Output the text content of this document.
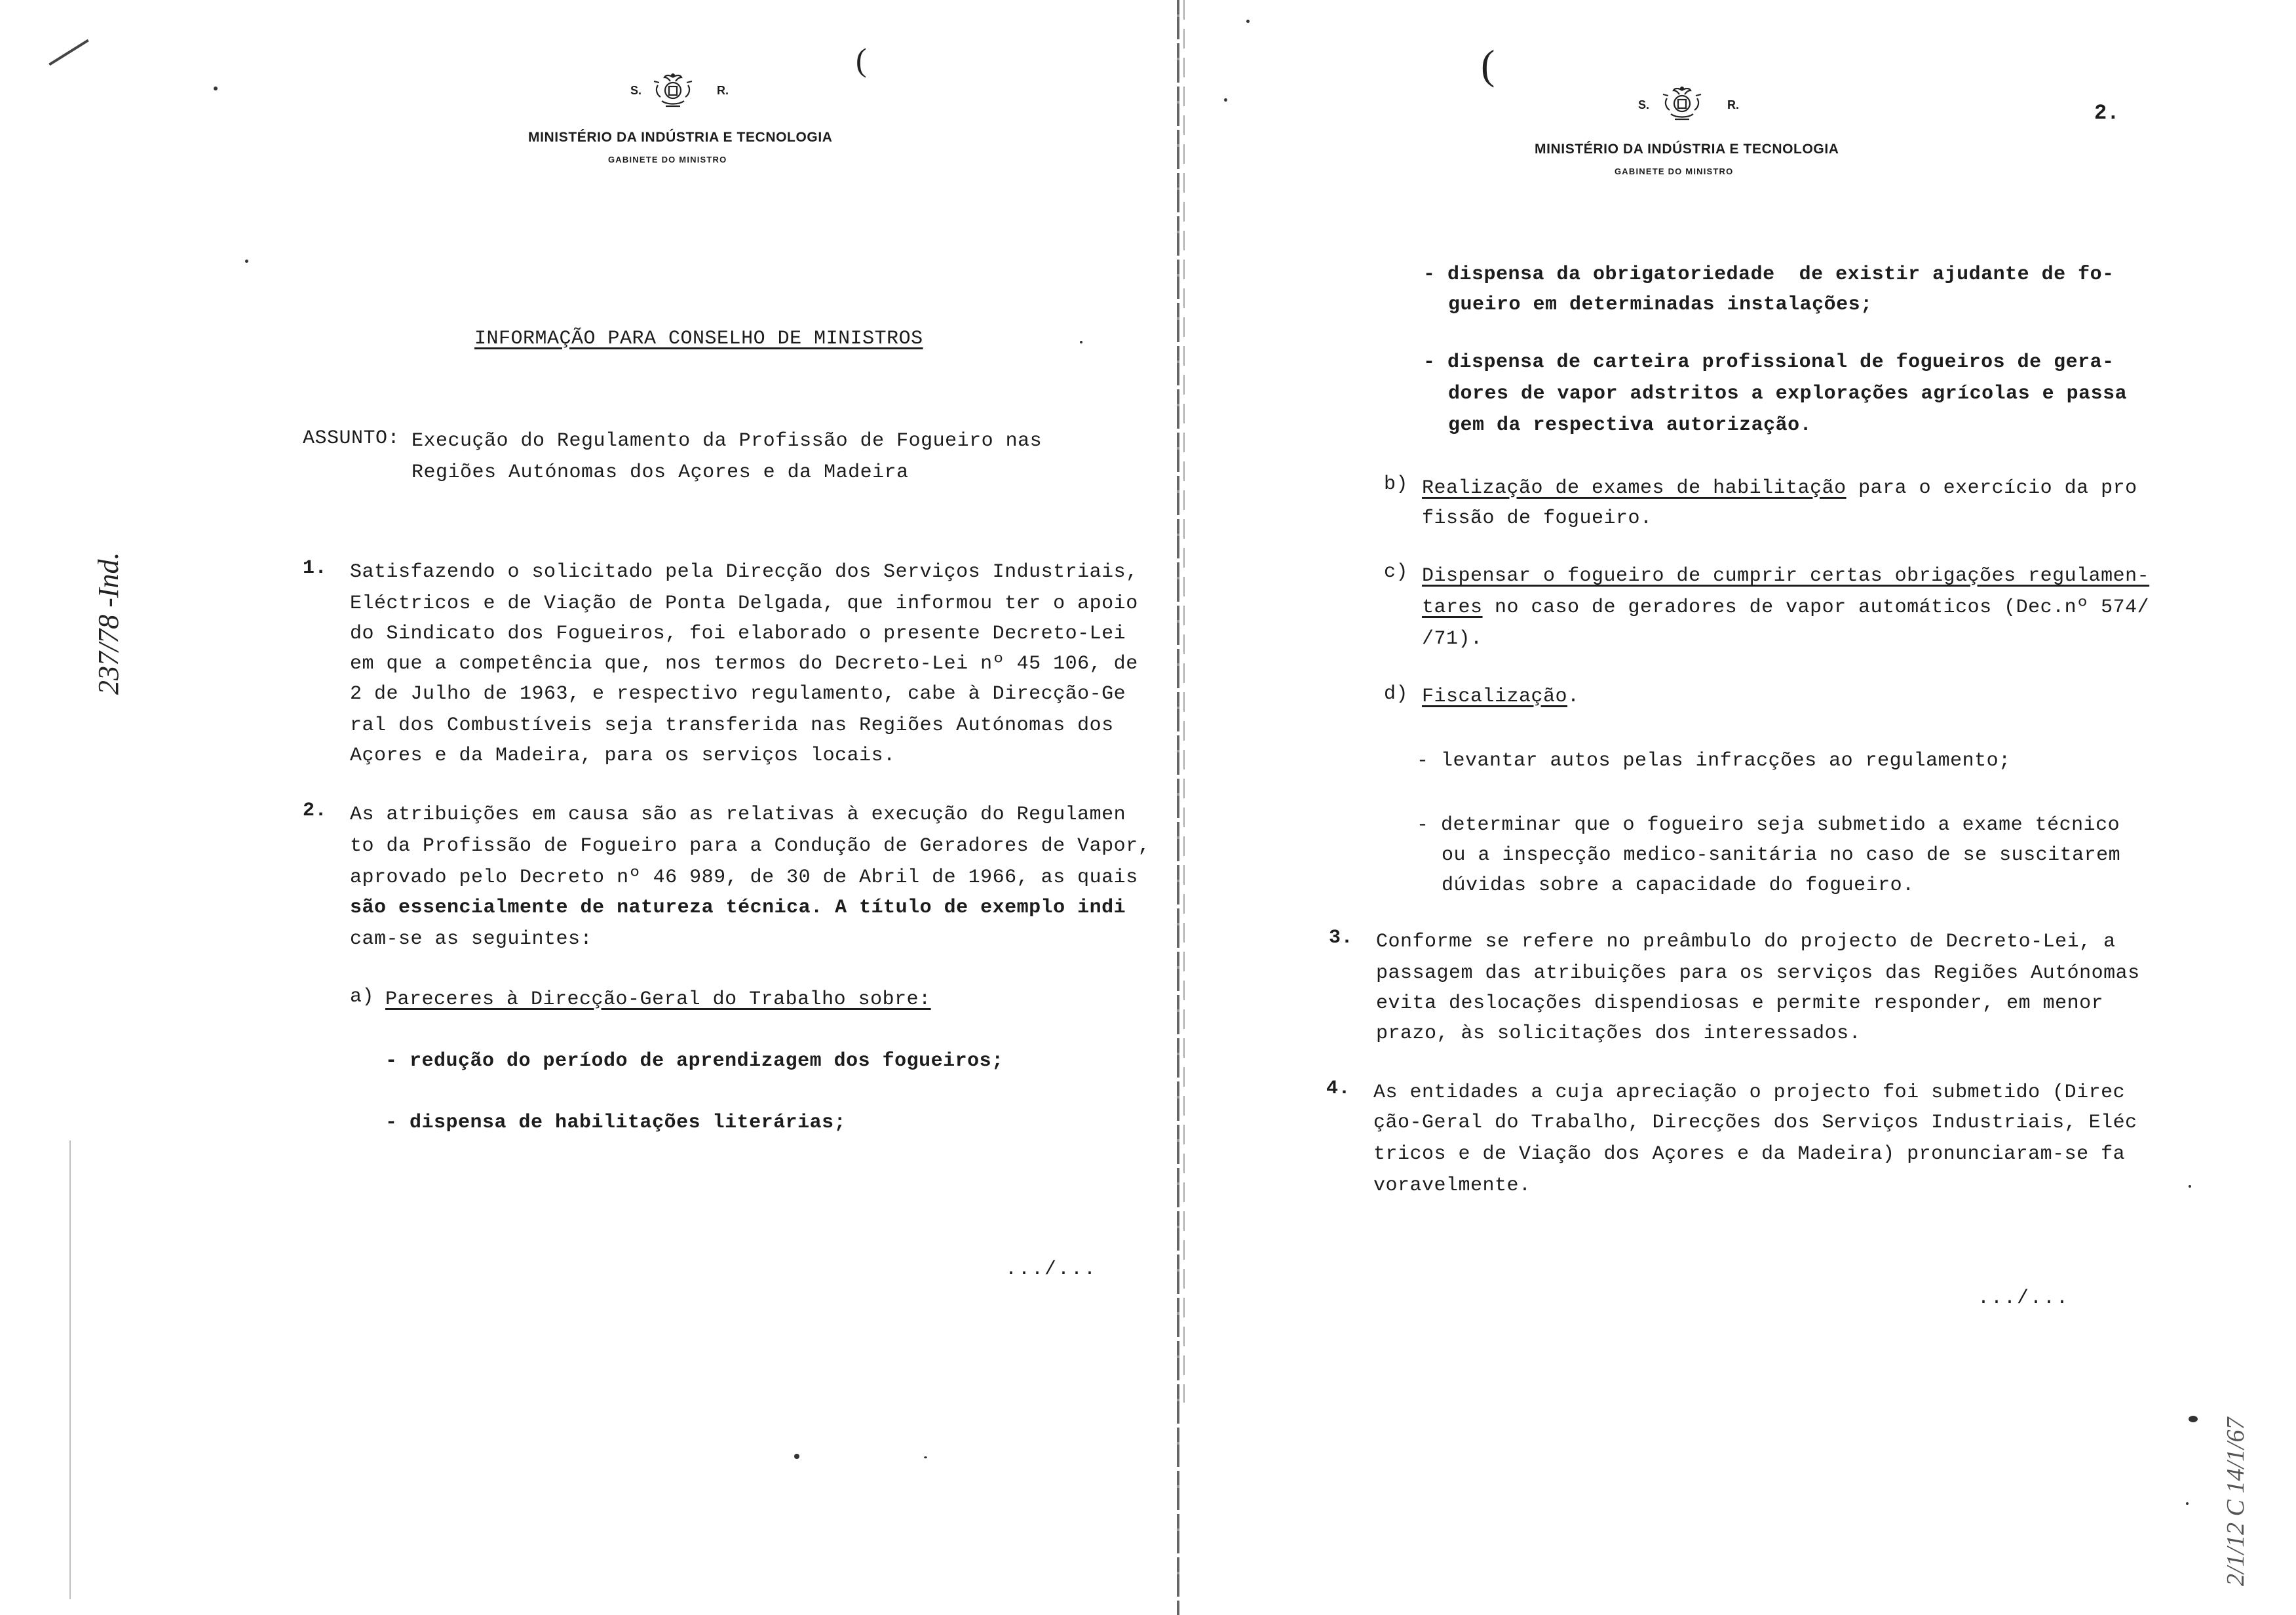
S.	R.
(
MINISTÉRIO DA INDÚSTRIA E TECNOLOGIA
GABINETE DO MINISTRO
INFORMAÇÃO PARA CONSELHO DE MINISTROS
ASSUNTO: Execução do Regulamento da Profissão de Fogueiro nas
Regiões Autónomas dos Açores e da Madeira
237/78 -Ind.	1. Satisfazendo o solicitado pela Direcção dos Serviços Industriais,
Eléctricos e de Viação de Ponta Delgada, que informou ter o apoio
do Sindicato dos Fogueiros, foi elaborado o presente Decreto-Lei
em que a competência que, nos termos do Decreto-Lei nº 45 106, de
2 de Julho de 1963, e respectivo regulamento, cabe à Direcção-Ge
ral dos Combustíveis seja transferida nas Regiões Autónomas dos
Açores e da Madeira, para os serviços locais.
2. As atribuições em causa são as relativas à execução do Regulamen
to da Profissão de Fogueiro para a Condução de Geradores de Vapor,
aprovado pelo Decreto nº 46 989, de 30 de Abril de 1966, as quais
são essencialmente de natureza técnica. A título de exemplo indi
cam-se as seguintes:
a) Pareceres à Direcção-Geral do Trabalho sobre:
- redução do período de aprendizagem dos fogueiros;
- dispensa de habilitações literárias;
.../...
(
S.	R.	2.
MINISTÉRIO DA INDÚSTRIA E TECNOLOGIA
GABINETE DO MINISTRO
- dispensa da obrigatoriedade  de existir ajudante de fo-
gueiro em determinadas instalações;
- dispensa de carteira profissional de fogueiros de gera-
dores de vapor adstritos a explorações agrícolas e passa
gem da respectiva autorização.
b) Realização de exames de habilitação para o exercício da pro
fissão de fogueiro.
c) Dispensar o fogueiro de cumprir certas obrigações regulamen-
tares no caso de geradores de vapor automáticos (Dec.nº 574/
/71).
d) Fiscalização.
- levantar autos pelas infracções ao regulamento;
- determinar que o fogueiro seja submetido a exame técnico
ou a inspecção medico-sanitária no caso de se suscitarem
dúvidas sobre a capacidade do fogueiro.
3. Conforme se refere no preâmbulo do projecto de Decreto-Lei, a
passagem das atribuições para os serviços das Regiões Autónomas
evita deslocações dispendiosas e permite responder, em menor
prazo, às solicitações dos interessados.
4. As entidades a cuja apreciação o projecto foi submetido (Direc
ção-Geral do Trabalho, Direcções dos Serviços Industriais, Eléc
tricos e de Viação dos Açores e da Madeira) pronunciaram-se fa
voravelmente.
.../...
2/1/12 C 14/1/67
